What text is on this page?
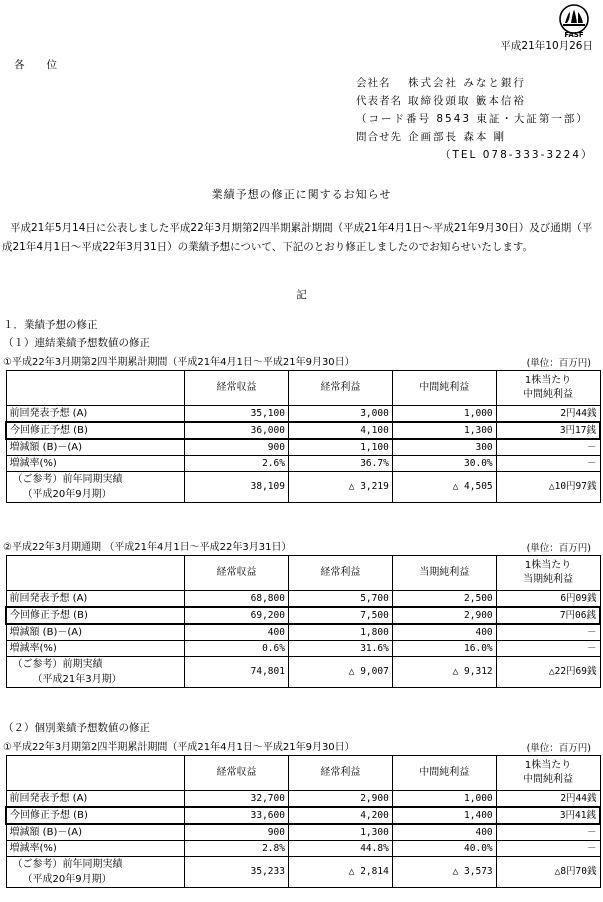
FASF
平成21年10月26日
各位
会社名 株式会社 みなと銀行
代表者名 取締役頭取 籔本信裕
（コード番号 8543 東証・大証第一部）
問合せ先 企画部長 森本 剛
（TEL 078-333-3224）
業績予想の修正に関するお知らせ

平成21年5月14日に公表しました平成22年3月期第2四半期累計期間（平成21年4月1日～平成21年9月30日）及び通期（平成21年4月1日～平成22年3月31日）の業績予想について、下記のとおり修正しましたのでお知らせいたします。

記
１．業績予想の修正
（１）連結業績予想数値の修正
①平成22年3月期第2四半期累計期間（平成21年4月1日～平成21年9月30日）	(単位：百万円)
	経常収益	経常利益	中間純利益	1株当たり
中間純利益
前回発表予想 (A)	35,100	3,000	1,000	2円44銭
今回修正予想 (B)	36,000	4,100	1,300	3円17銭
増減額 (B)－(A)	900	1,100	300	－
増減率(%)	2.6%	36.7%	30.0%	－
（ご参考）前年同期実績
（平成20年9月期）	38,109	△ 3,219	△ 4,505	△10円97銭
②平成22年3月期通期 （平成21年4月1日～平成22年3月31日）	(単位：百万円)
	経常収益	経常利益	当期純利益	1株当たり
当期純利益
前回発表予想 (A)	68,800	5,700	2,500	6円09銭
今回修正予想 (B)	69,200	7,500	2,900	7円06銭
増減額 (B)－(A)	400	1,800	400	－
増減率(%)	0.6%	31.6%	16.0%	－
（ご参考）前期実績
（平成21年3月期）	74,801	△ 9,007	△ 9,312	△22円69銭
（２）個別業績予想数値の修正
①平成22年3月期第2四半期累計期間（平成21年4月1日～平成21年9月30日）	(単位：百万円)
	経常収益	経常利益	中間純利益	1株当たり
中間純利益
前回発表予想 (A)	32,700	2,900	1,000	2円44銭
今回修正予想 (B)	33,600	4,200	1,400	3円41銭
増減額 (B)－(A)	900	1,300	400	－
増減率(%)	2.8%	44.8%	40.0%	－
（ご参考）前年同期実績
（平成20年9月期）	35,233	△ 2,814	△ 3,573	△8円70銭
